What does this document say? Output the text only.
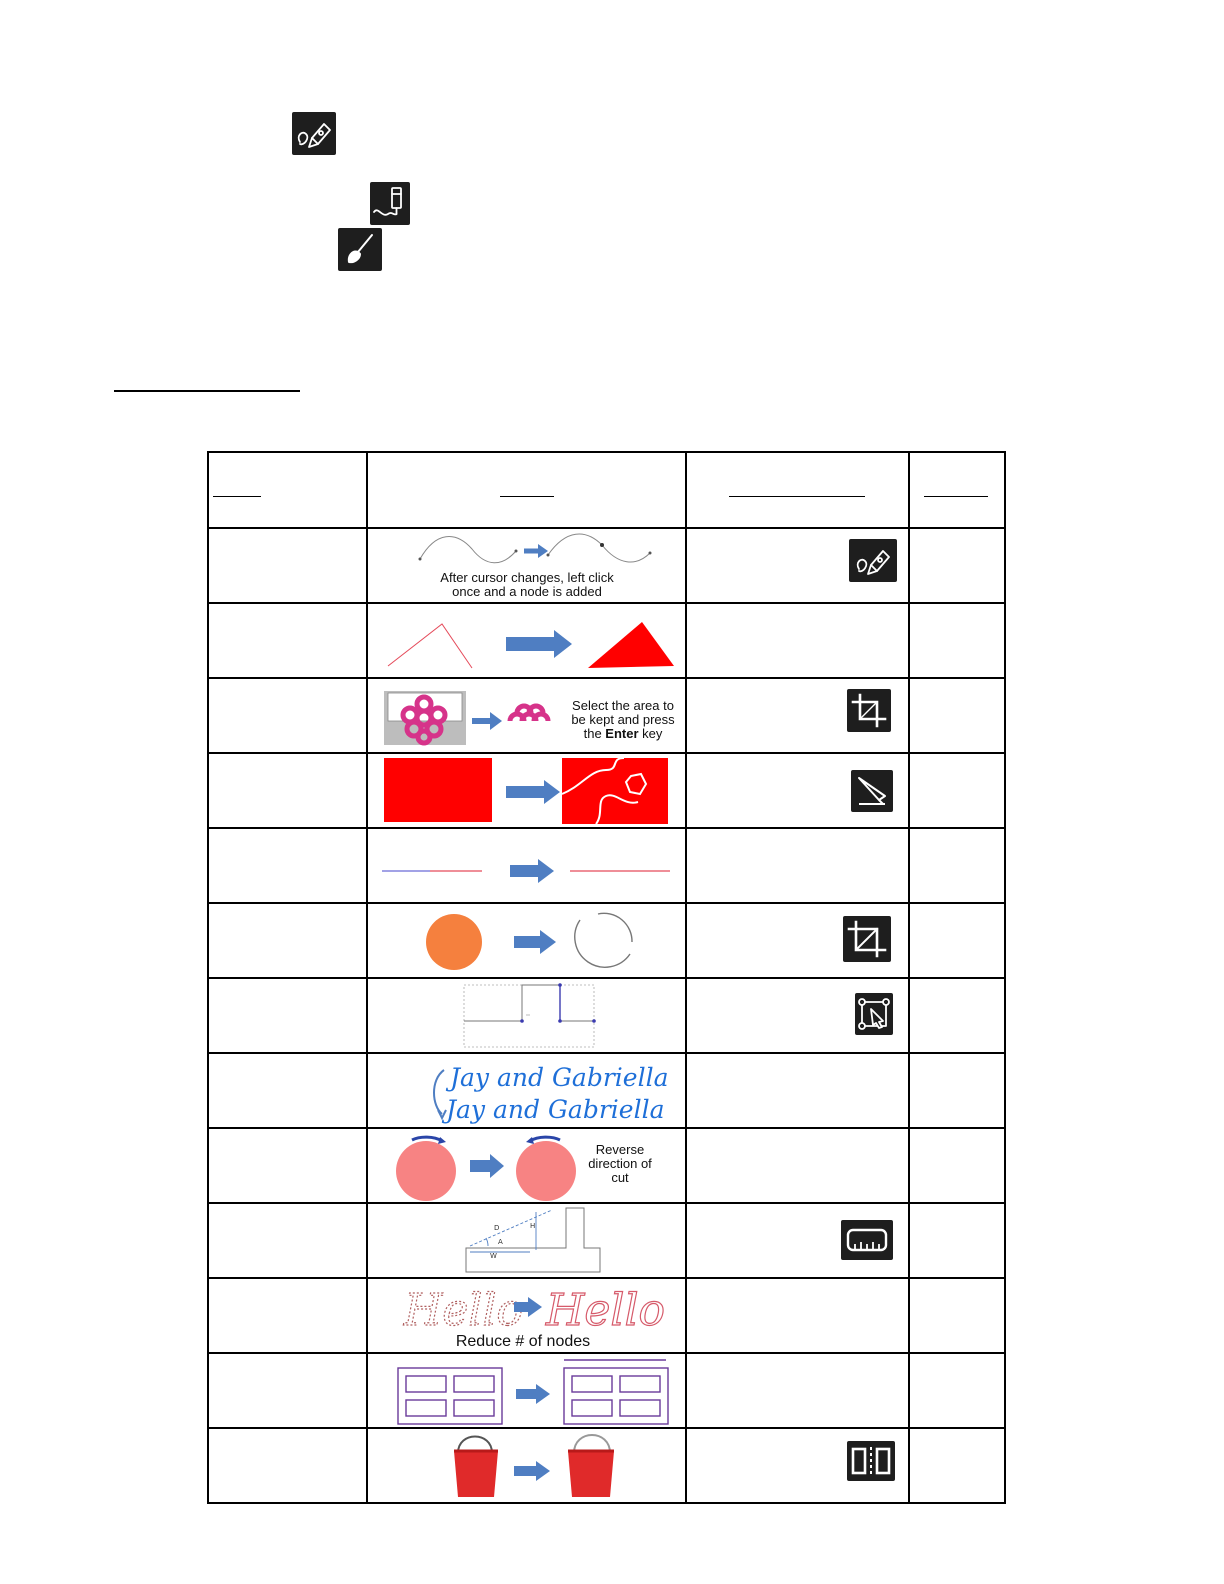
	After cursor changes, left click
once and a node is added

	Select the area to
be kept and press
the Enter key

Jay and Gabriella
Jay and Gabriella		

	Reverse
direction of
cut		

D
A
W
H

Hello Hello
Reduce # of nodes		
